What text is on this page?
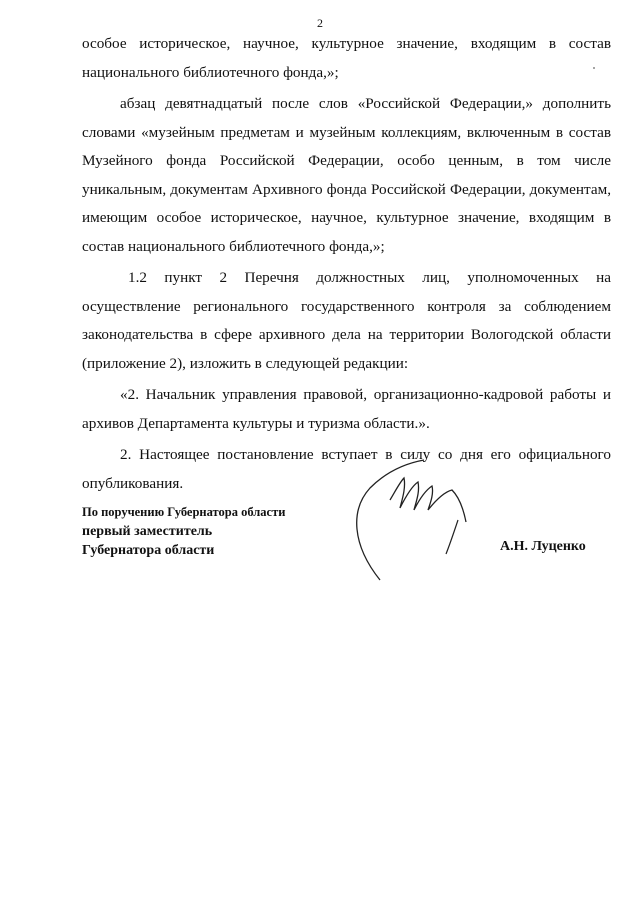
2

особое историческое, научное, культурное значение, входящим в состав национального библиотечного фонда,»;

абзац девятнадцатый после слов «Российской Федерации,» дополнить словами «музейным предметам и музейным коллекциям, включенным в состав Музейного фонда Российской Федерации, особо ценным, в том числе уникальным, документам Архивного фонда Российской Федерации, документам, имеющим особое историческое, научное, культурное значение, входящим в состав национального библиотечного фонда,»;

1.2 пункт 2 Перечня должностных лиц, уполномоченных на осуществление регионального государственного контроля за соблюдением законодательства в сфере архивного дела на территории Вологодской области (приложение 2), изложить в следующей редакции:

«2. Начальник управления правовой, организационно-кадровой работы и архивов Департамента культуры и туризма области.».

2. Настоящее постановление вступает в силу со дня его официального опубликования.

По поручению Губернатора области
первый заместитель
Губернатора области	А.Н. Луценко
